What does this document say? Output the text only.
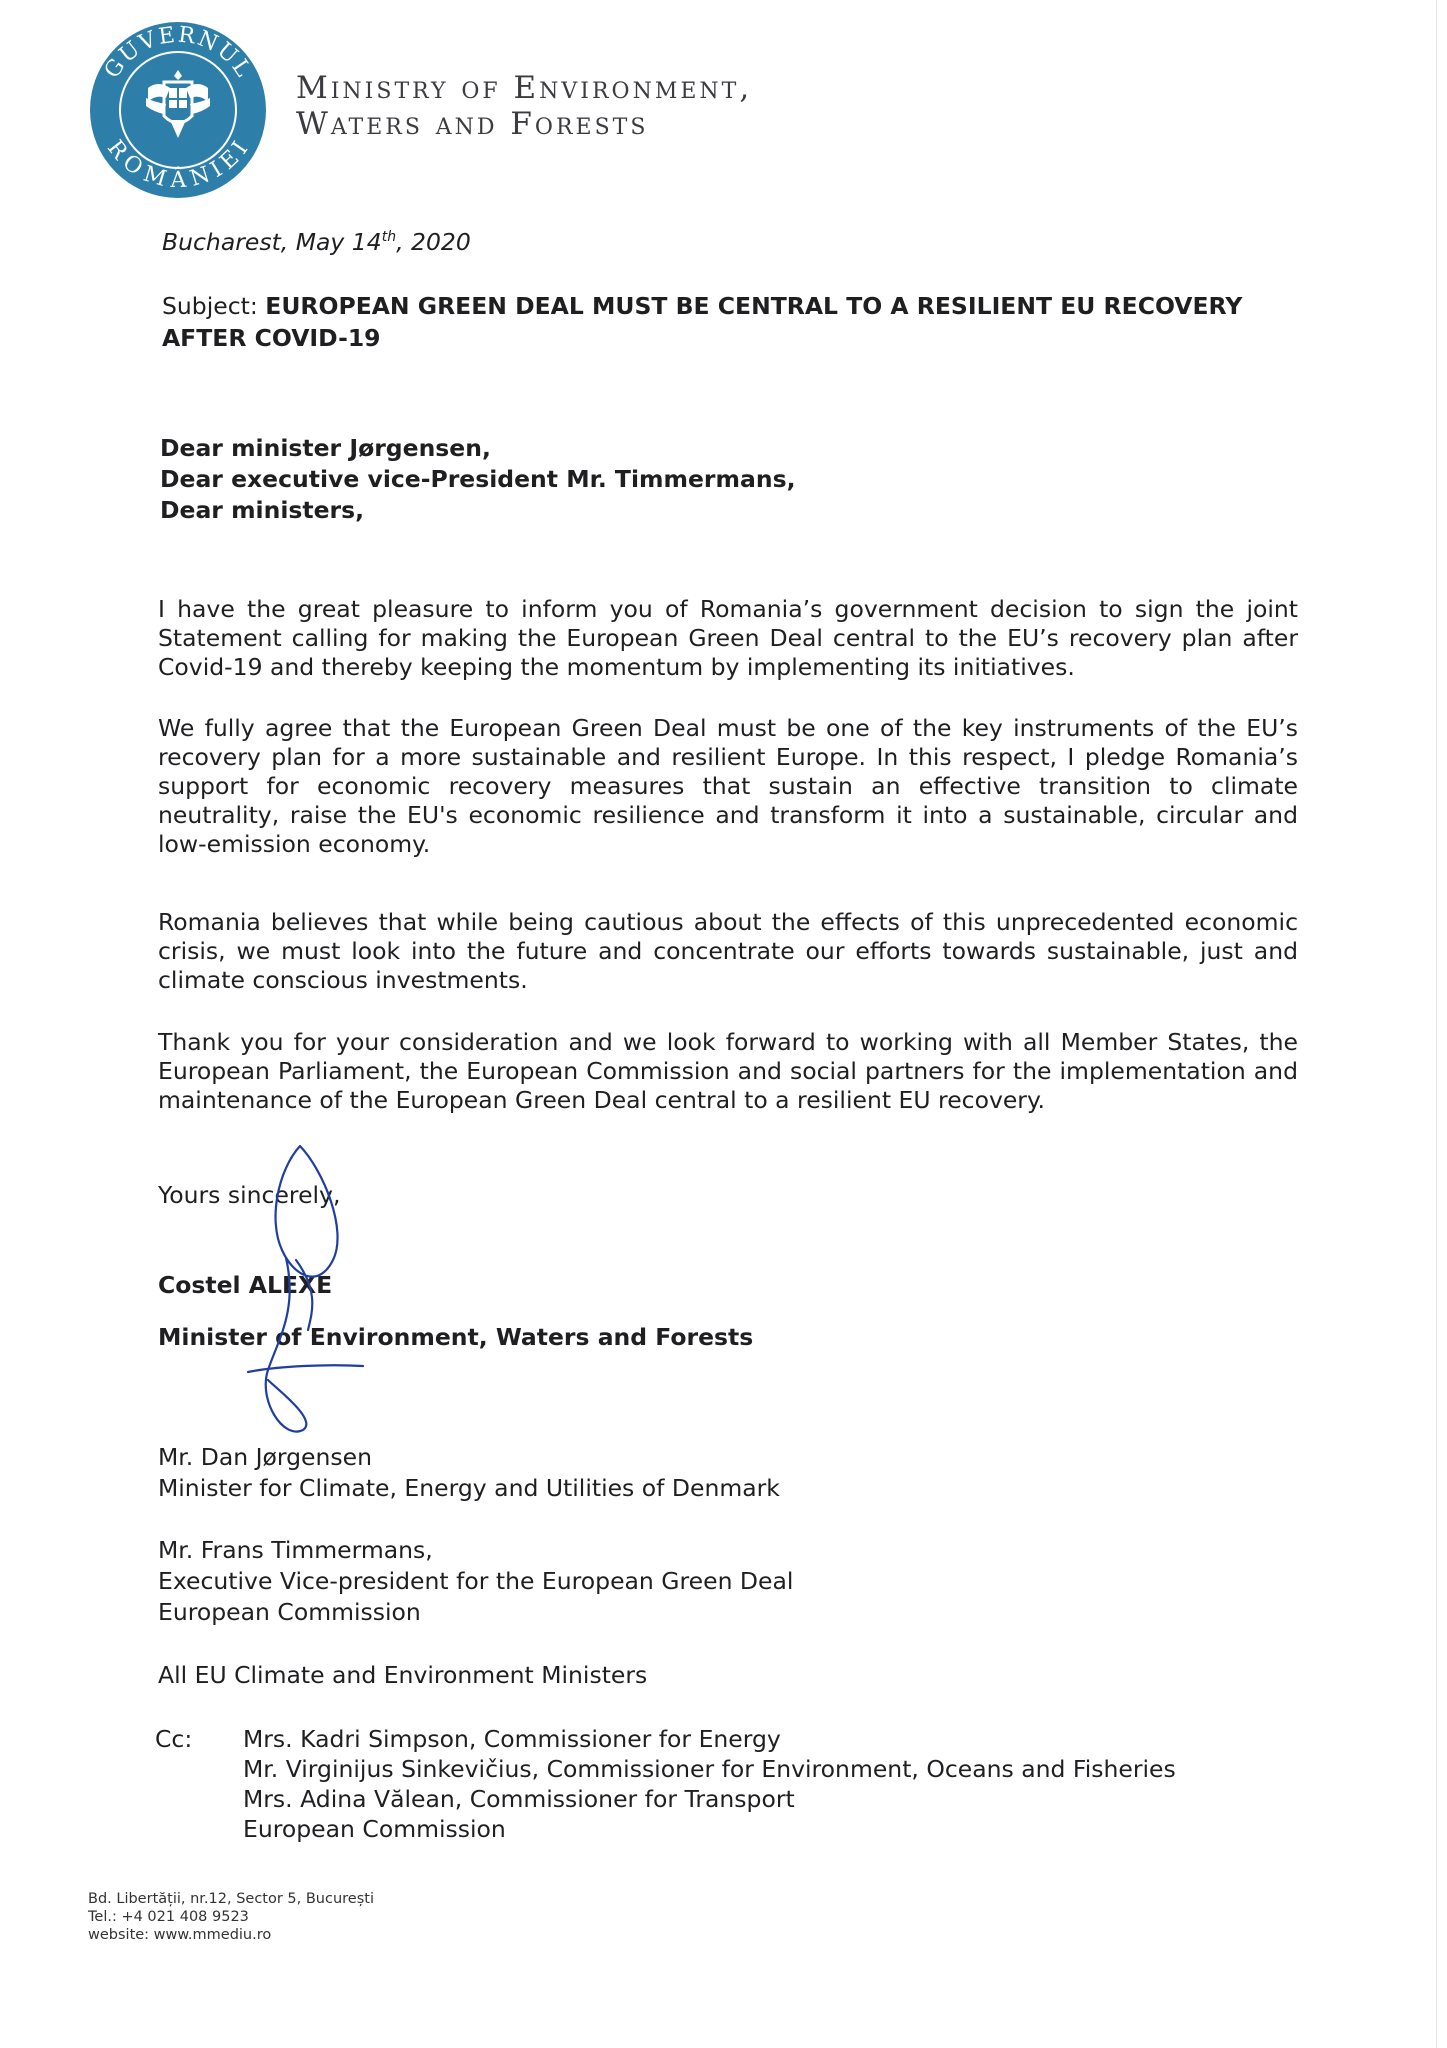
GUVERNUL
ROMÂNIEI
Ministry of Environment,
Waters and Forests
Bucharest, May 14th, 2020
Subject: EUROPEAN GREEN DEAL MUST BE CENTRAL TO A RESILIENT EU RECOVERY AFTER COVID-19
Dear minister Jørgensen,
Dear executive vice-President Mr. Timmermans,
Dear ministers,
I have the great pleasure to inform you of Romania’s government decision to sign the joint Statement calling for making the European Green Deal central to the EU’s recovery plan after Covid-19 and thereby keeping the momentum by implementing its initiatives.
We fully agree that the European Green Deal must be one of the key instruments of the EU’s recovery plan for a more sustainable and resilient Europe. In this respect, I pledge Romania’s support for economic recovery measures that sustain an effective transition to climate neutrality, raise the EU's economic resilience and transform it into a sustainable, circular and low-emission economy.
Romania believes that while being cautious about the effects of this unprecedented economic crisis, we must look into the future and concentrate our efforts towards sustainable, just and climate conscious investments.
Thank you for your consideration and we look forward to working with all Member States, the European Parliament, the European Commission and social partners for the implementation and maintenance of the European Green Deal central to a resilient EU recovery.
Yours sincerely,
Costel ALEXE
Minister of Environment, Waters and Forests
Mr. Dan Jørgensen
Minister for Climate, Energy and Utilities of Denmark
Mr. Frans Timmermans,
Executive Vice-president for the European Green Deal
European Commission
All EU Climate and Environment Ministers
Cc: Mrs. Kadri Simpson, Commissioner for Energy
Mr. Virginijus Sinkevičius, Commissioner for Environment, Oceans and Fisheries
Mrs. Adina Vălean, Commissioner for Transport
European Commission
Bd. Libertății, nr.12, Sector 5, București
Tel.: +4 021 408 9523
website: www.mmediu.ro
